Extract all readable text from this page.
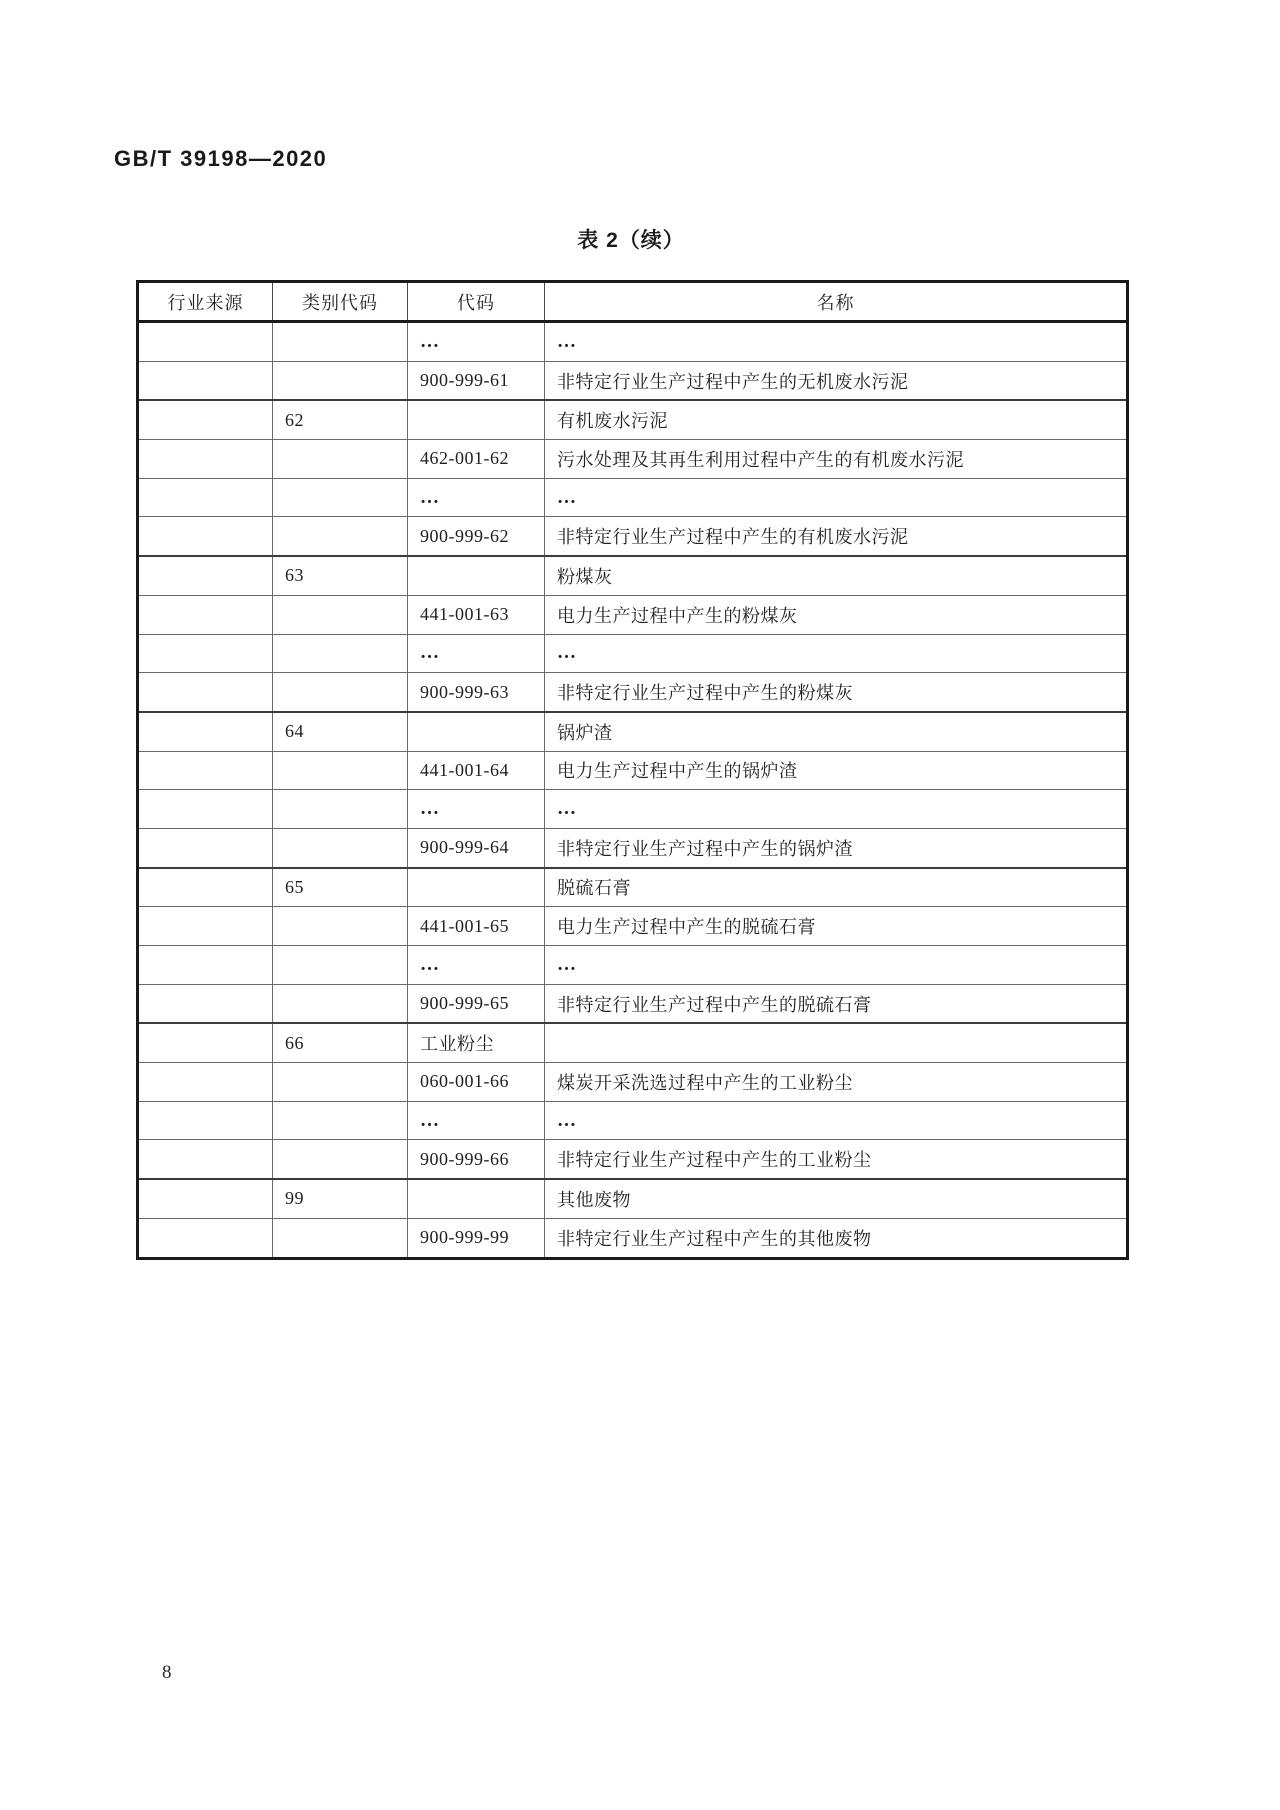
GB/T 39198—2020
表 2（续）
行业来源	类别代码	代码	名称
		…	…
		900-999-61	非特定行业生产过程中产生的无机废水污泥
	62		有机废水污泥
		462-001-62	污水处理及其再生利用过程中产生的有机废水污泥
		…	…
		900-999-62	非特定行业生产过程中产生的有机废水污泥
	63		粉煤灰
		441-001-63	电力生产过程中产生的粉煤灰
		…	…
		900-999-63	非特定行业生产过程中产生的粉煤灰
	64		锅炉渣
		441-001-64	电力生产过程中产生的锅炉渣
		…	…
		900-999-64	非特定行业生产过程中产生的锅炉渣
	65		脱硫石膏
		441-001-65	电力生产过程中产生的脱硫石膏
		…	…
		900-999-65	非特定行业生产过程中产生的脱硫石膏
	66	工业粉尘	
		060-001-66	煤炭开采洗选过程中产生的工业粉尘
		…	…
		900-999-66	非特定行业生产过程中产生的工业粉尘
	99		其他废物
		900-999-99	非特定行业生产过程中产生的其他废物
8
